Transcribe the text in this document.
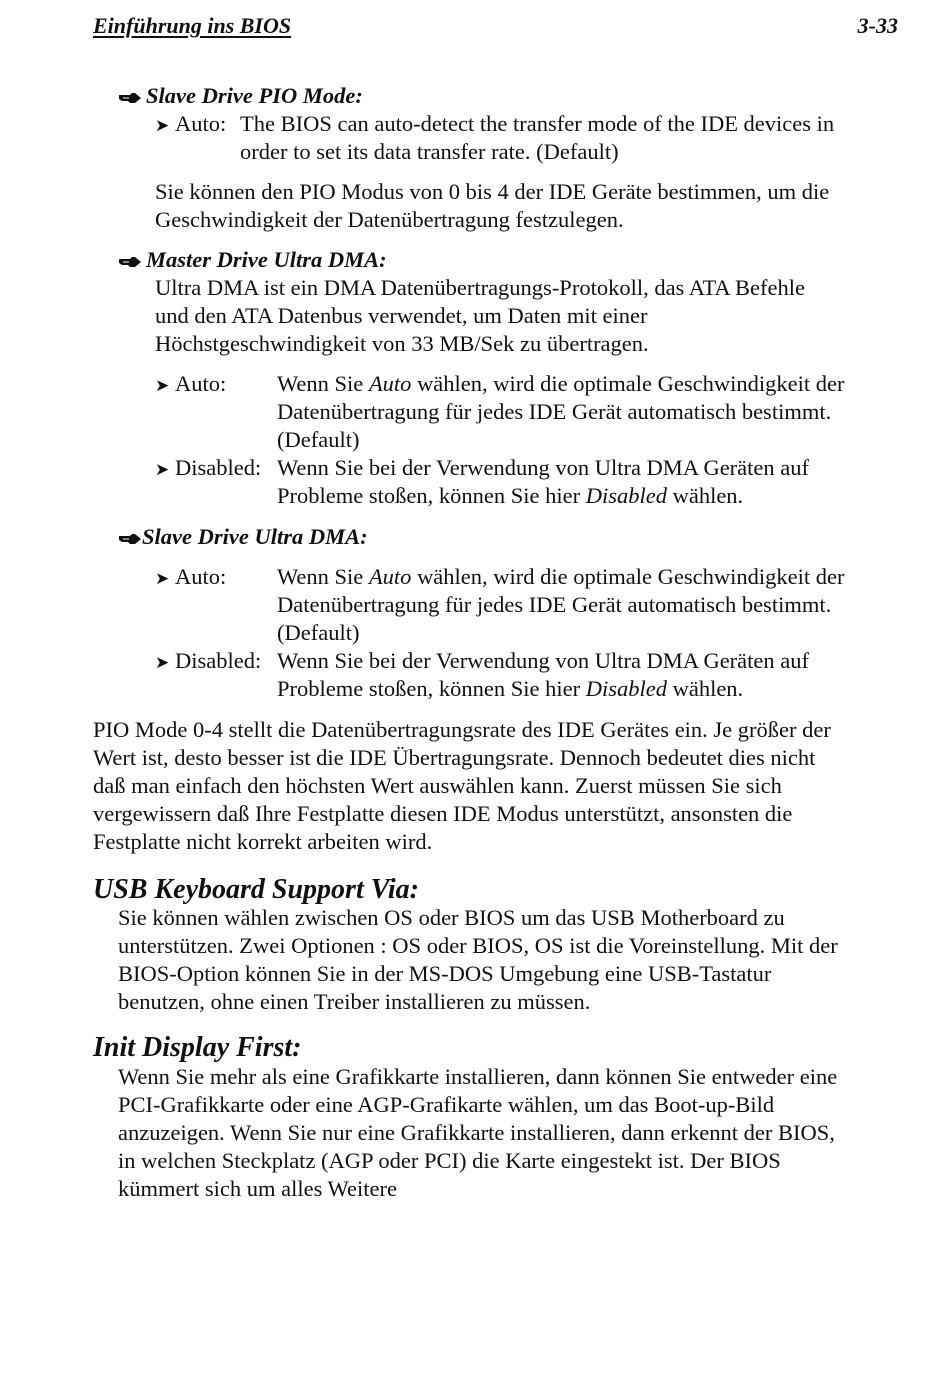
Einführung ins BIOS	3-33
Slave Drive PIO Mode:
➤ Auto: The BIOS can auto-detect the transfer mode of the IDE devices in
order to set its data transfer rate. (Default)
Sie können den PIO Modus von 0 bis 4 der IDE Geräte bestimmen, um die
Geschwindigkeit der Datenübertragung festzulegen.
Master Drive Ultra DMA:
Ultra DMA ist ein DMA Datenübertragungs-Protokoll, das ATA Befehle
und den ATA Datenbus verwendet, um Daten mit einer
Höchstgeschwindigkeit von 33 MB/Sek zu übertragen.
➤ Auto: Wenn Sie Auto wählen, wird die optimale Geschwindigkeit der
Datenübertragung für jedes IDE Gerät automatisch bestimmt.
(Default)
➤ Disabled: Wenn Sie bei der Verwendung von Ultra DMA Geräten auf
Probleme stoßen, können Sie hier Disabled wählen.
Slave Drive Ultra DMA:
➤ Auto: Wenn Sie Auto wählen, wird die optimale Geschwindigkeit der
Datenübertragung für jedes IDE Gerät automatisch bestimmt.
(Default)
➤ Disabled: Wenn Sie bei der Verwendung von Ultra DMA Geräten auf
Probleme stoßen, können Sie hier Disabled wählen.
PIO Mode 0-4 stellt die Datenübertragungsrate des IDE Gerätes ein. Je größer der
Wert ist, desto besser ist die IDE Übertragungsrate. Dennoch bedeutet dies nicht
daß man einfach den höchsten Wert auswählen kann. Zuerst müssen Sie sich
vergewissern daß Ihre Festplatte diesen IDE Modus unterstützt, ansonsten die
Festplatte nicht korrekt arbeiten wird.
USB Keyboard Support Via:
Sie können wählen zwischen OS oder BIOS um das USB Motherboard zu
unterstützen. Zwei Optionen : OS oder BIOS, OS ist die Voreinstellung. Mit der
BIOS-Option können Sie in der MS-DOS Umgebung eine USB-Tastatur
benutzen, ohne einen Treiber installieren zu müssen.
Init Display First:
Wenn Sie mehr als eine Grafikkarte installieren, dann können Sie entweder eine
PCI-Grafikkarte oder eine AGP-Grafikarte wählen, um das Boot-up-Bild
anzuzeigen. Wenn Sie nur eine Grafikkarte installieren, dann erkennt der BIOS,
in welchen Steckplatz (AGP oder PCI) die Karte eingestekt ist. Der BIOS
kümmert sich um alles Weitere
